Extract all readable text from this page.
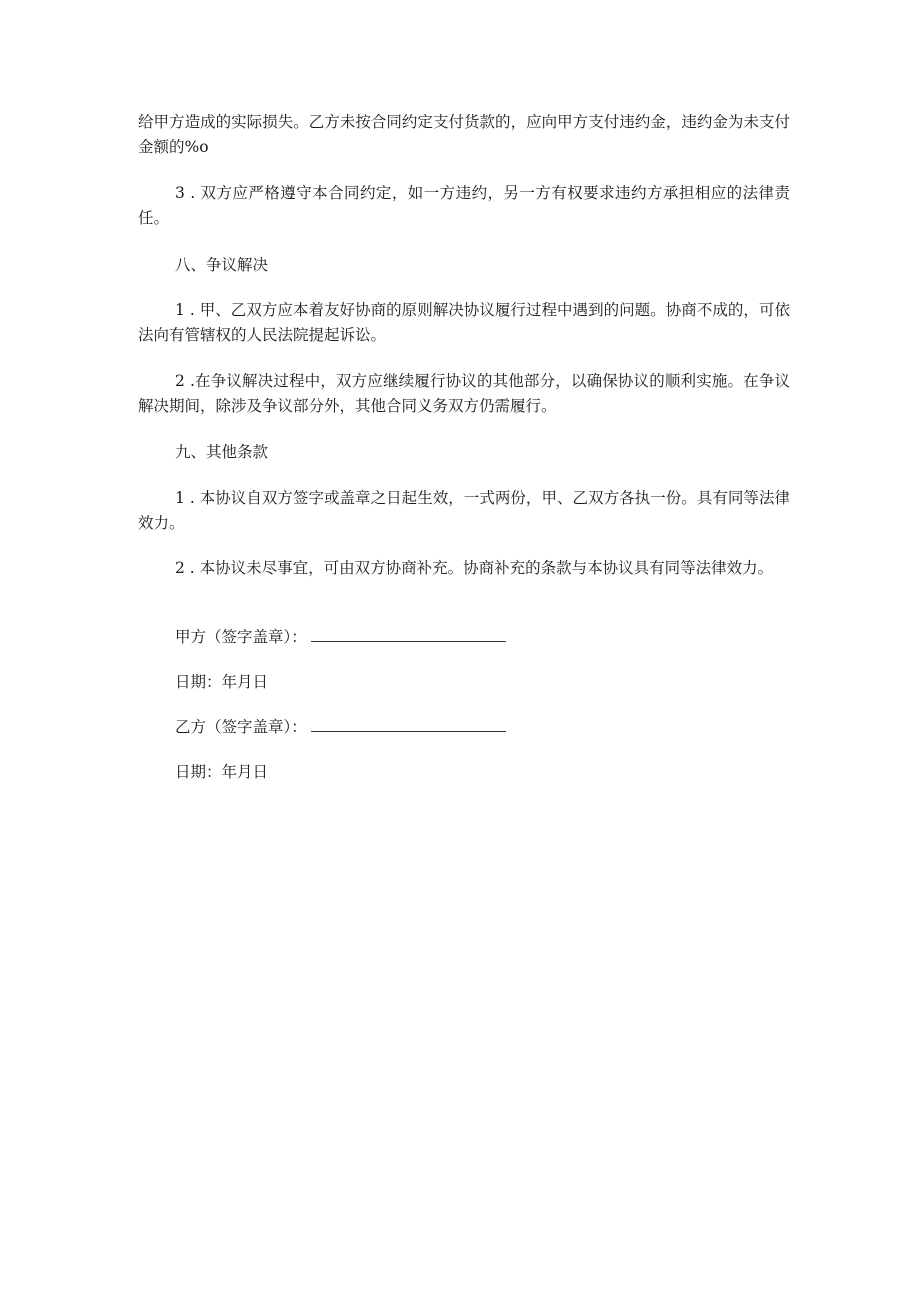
给甲方造成的实际损失。乙方未按合同约定支付货款的，应向甲方支付违约金，违约金为未支付金额的%o

3 . 双方应严格遵守本合同约定，如一方违约，另一方有权要求违约方承担相应的法律责任。

八、争议解决

1 . 甲、乙双方应本着友好协商的原则解决协议履行过程中遇到的问题。协商不成的，可依法向有管辖权的人民法院提起诉讼。

2 .在争议解决过程中，双方应继续履行协议的其他部分，以确保协议的顺利实施。在争议解决期间，除涉及争议部分外，其他合同义务双方仍需履行。

九、其他条款

1 . 本协议自双方签字或盖章之日起生效，一式两份，甲、乙双方各执一份。具有同等法律效力。

2 . 本协议未尽事宜，可由双方协商补充。协商补充的条款与本协议具有同等法律效力。

甲方（签字盖章）：

日期：年月日

乙方（签字盖章）：

日期：年月日
